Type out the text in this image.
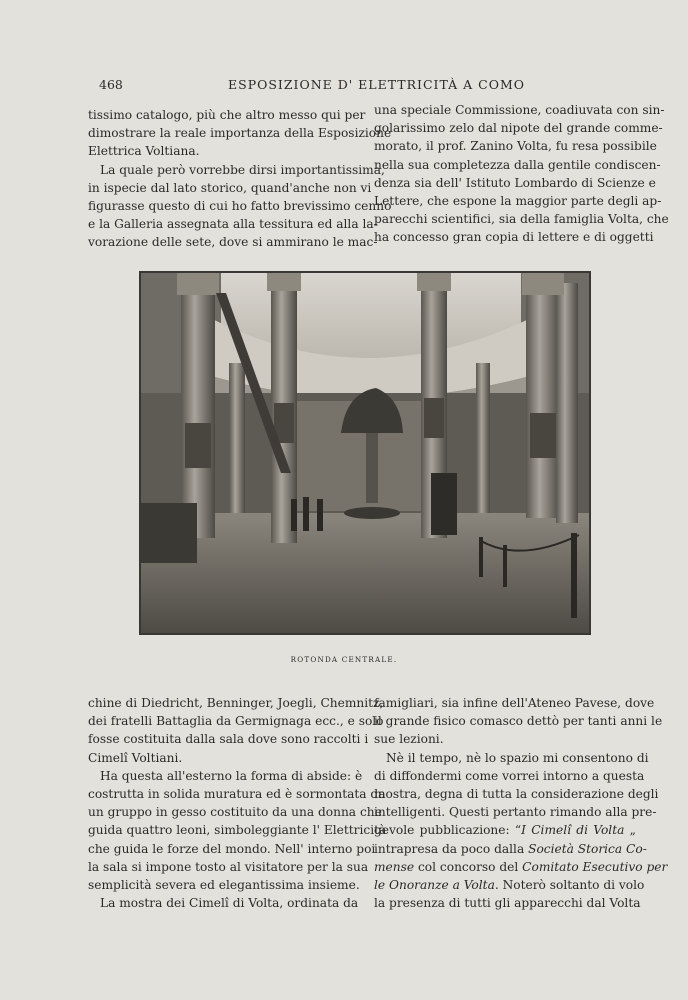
468	ESPOSIZIONE D' ELETTRICITÀ A COMO
tissimo catalogo, più che altro messo qui per
dimostrare la reale importanza della Esposizione
Elettrica Voltiana.
La quale però vorrebbe dirsi importantissima,
in ispecie dal lato storico, quand'anche non vi
figurasse questo di cui ho fatto brevissimo cenno
e la Galleria assegnata alla tessitura ed alla la-
vorazione delle sete, dove si ammirano le mac-
una speciale Commissione, coadiuvata con sin-
golarissimo zelo dal nipote del grande comme-
morato, il prof. Zanino Volta, fu resa possibile
nella sua completezza dalla gentile condiscen-
denza sia dell' Istituto Lombardo di Scienze e
Lettere, che espone la maggior parte degli ap-
parecchi scientifici, sia della famiglia Volta, che
ha concesso gran copia di lettere e di oggetti
ROTONDA CENTRALE.
chine di Diedricht, Benninger, Joegli, Chemnitz,
dei fratelli Battaglia da Germignaga ecc., e solo
fosse costituita dalla sala dove sono raccolti i
Cimelî Voltiani.
Ha questa all'esterno la forma di abside: è
costrutta in solida muratura ed è sormontata da
un gruppo in gesso costituito da una donna che
guida quattro leoni, simboleggiante l' Elettricità
che guida le forze del mondo. Nell' interno poi
la sala si impone tosto al visitatore per la sua
semplicità severa ed elegantissima insieme.
La mostra dei Cimelî di Volta, ordinata da
famigliari, sia infine dell'Ateneo Pavese, dove
il grande fisico comasco dettò per tanti anni le
sue lezioni.
Nè il tempo, nè lo spazio mi consentono di
di diffondermi come vorrei intorno a questa
mostra, degna di tutta la considerazione degli
intelligenti. Questi pertanto rimando alla pre-
gevole pubblicazione: “I Cimelî di Volta „
intrapresa da poco dalla Società Storica Co-
mense col concorso del Comitato Esecutivo per
le Onoranze a Volta. Noterò soltanto di volo
la presenza di tutti gli apparecchi dal Volta
